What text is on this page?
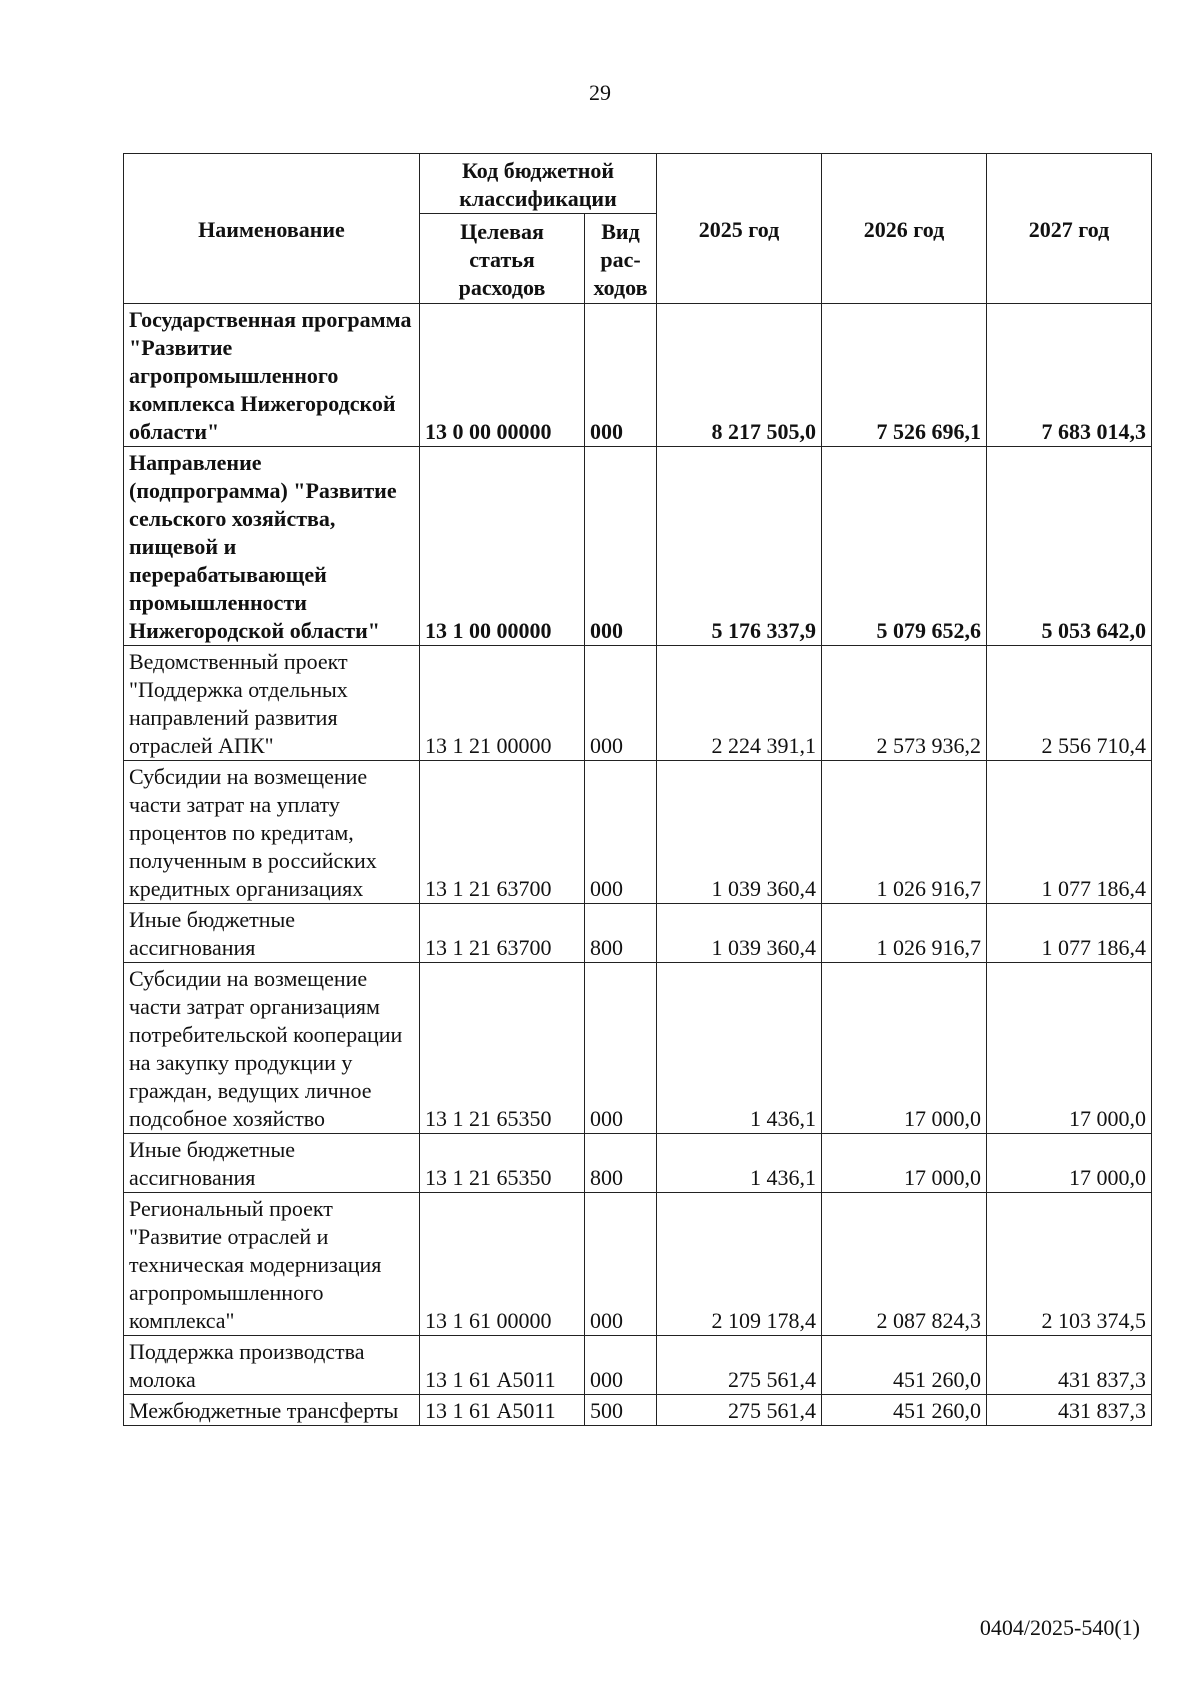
29
Наименование	Код бюджетной классификации		2025 год	2026 год	2027 год
	Целевая статья расходов	Вид рас-ходов			
Государственная программа "Развитие агропромышленного комплекса Нижегородской области"	13 0 00 00000	000	8 217 505,0	7 526 696,1	7 683 014,3
Направление (подпрограмма) "Развитие сельского хозяйства, пищевой и перерабатывающей промышленности Нижегородской области"	13 1 00 00000	000	5 176 337,9	5 079 652,6	5 053 642,0
Ведомственный проект "Поддержка отдельных направлений развития отраслей АПК"	13 1 21 00000	000	2 224 391,1	2 573 936,2	2 556 710,4
Субсидии на возмещение части затрат на уплату процентов по кредитам, полученным в российских кредитных организациях	13 1 21 63700	000	1 039 360,4	1 026 916,7	1 077 186,4
Иные бюджетные ассигнования	13 1 21 63700	800	1 039 360,4	1 026 916,7	1 077 186,4
Субсидии на возмещение части затрат организациям потребительской кооперации на закупку продукции у граждан, ведущих личное подсобное хозяйство	13 1 21 65350	000	1 436,1	17 000,0	17 000,0
Иные бюджетные ассигнования	13 1 21 65350	800	1 436,1	17 000,0	17 000,0
Региональный проект "Развитие отраслей и техническая модернизация агропромышленного комплекса"	13 1 61 00000	000	2 109 178,4	2 087 824,3	2 103 374,5
Поддержка производства молока	13 1 61 А5011	000	275 561,4	451 260,0	431 837,3
Межбюджетные трансферты	13 1 61 А5011	500	275 561,4	451 260,0	431 837,3
0404/2025-540(1)
